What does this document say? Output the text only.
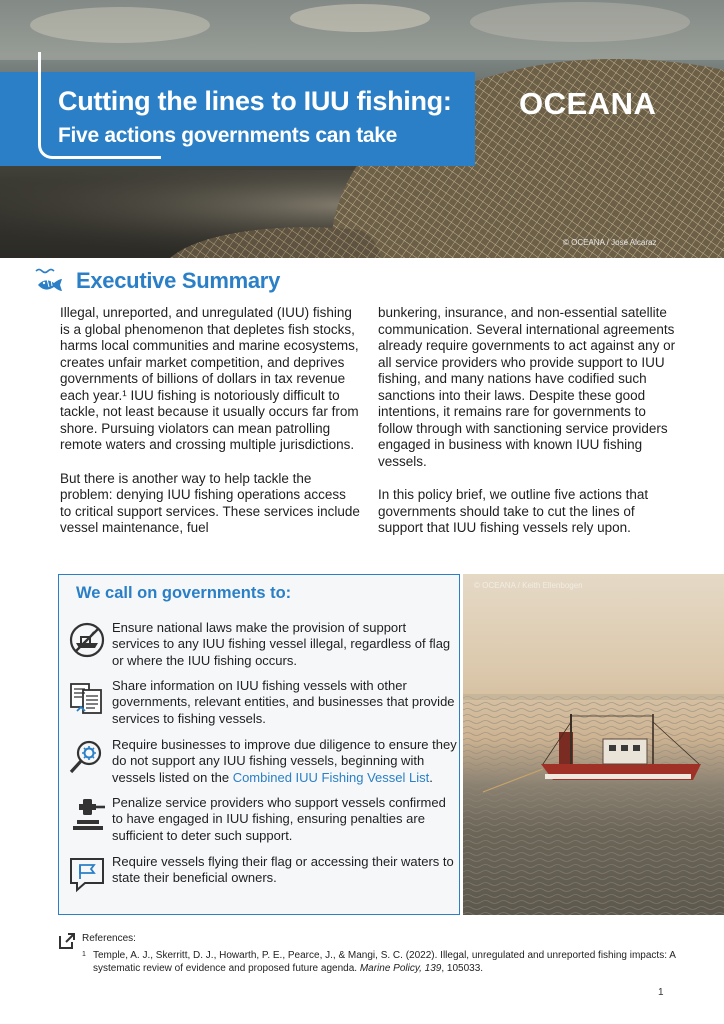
Cutting the lines to IUU fishing:
Five actions governments can take
OCEANA
© OCEANA / José Alcaraz
Executive Summary

Illegal, unreported, and unregulated (IUU) fishing is a global phenomenon that depletes fish stocks, harms local communities and marine ecosystems, creates unfair market competition, and deprives governments of billions of dollars in tax revenue each year.¹ IUU fishing is notoriously difficult to tackle, not least because it usually occurs far from shore. Pursuing violators can mean patrolling remote waters and crossing multiple jurisdictions.

But there is another way to help tackle the problem: denying IUU fishing operations access to critical support services. These services include vessel maintenance, fuel

bunkering, insurance, and non-essential satellite communication. Several international agreements already require governments to act against any or all service providers who provide support to IUU fishing, and many nations have codified such sanctions into their laws. Despite these good intentions, it remains rare for governments to follow through with sanctioning service providers engaged in business with known IUU fishing vessels.

In this policy brief, we outline five actions that governments should take to cut the lines of support that IUU fishing vessels rely upon.

We call on governments to:
Ensure national laws make the provision of support services to any IUU fishing vessel illegal, regardless of flag or where the IUU fishing occurs.
Share information on IUU fishing vessels with other governments, relevant entities, and businesses that provide services to fishing vessels.
Require businesses to improve due diligence to ensure they do not support any IUU fishing vessels, beginning with vessels listed on the Combined IUU Fishing Vessel List.
Penalize service providers who support vessels confirmed to have engaged in IUU fishing, ensuring penalties are sufficient to deter such support.
Require vessels flying their flag or accessing their waters to state their beneficial owners.
© OCEANA / Keith Ellenbogen
References:
1 Temple, A. J., Skerritt, D. J., Howarth, P. E., Pearce, J., & Mangi, S. C. (2022). Illegal, unregulated and unreported fishing impacts: A systematic review of evidence and proposed future agenda. Marine Policy, 139, 105033.
1
